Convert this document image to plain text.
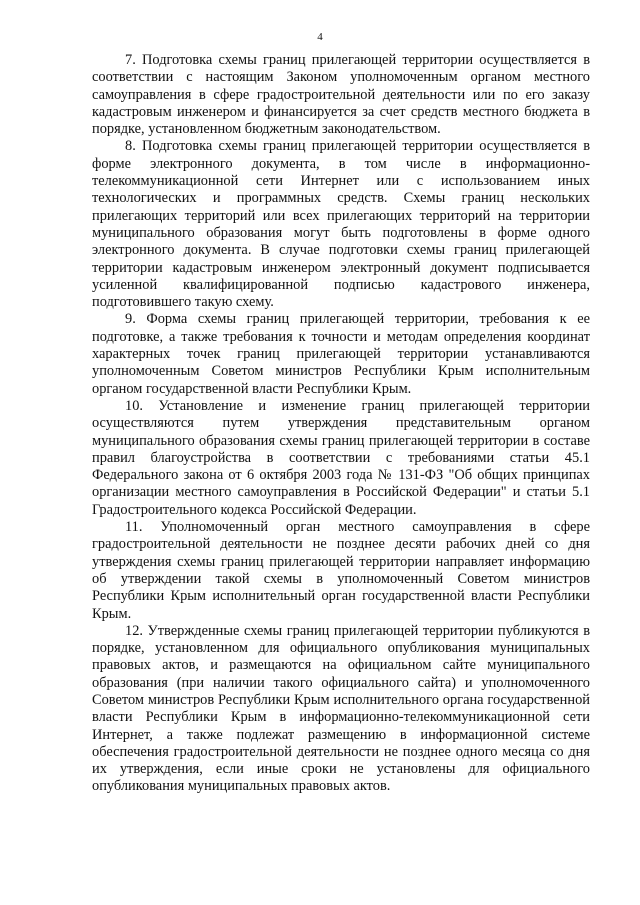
4

7. Подготовка схемы границ прилегающей территории осуществляется в соответствии с настоящим Законом уполномоченным органом местного самоуправления в сфере градостроительной деятельности или по его заказу кадастровым инженером и финансируется за счет средств местного бюджета в порядке, установленном бюджетным законодательством.

8. Подготовка схемы границ прилегающей территории осуществляется в форме электронного документа, в том числе в информационно-телекоммуникационной сети Интернет или с использованием иных технологических и программных средств. Схемы границ нескольких прилегающих территорий или всех прилегающих территорий на территории муниципального образования могут быть подготовлены в форме одного электронного документа. В случае подготовки схемы границ прилегающей территории кадастровым инженером электронный документ подписывается усиленной квалифицированной подписью кадастрового инженера, подготовившего такую схему.

9. Форма схемы границ прилегающей территории, требования к ее подготовке, а также требования к точности и методам определения координат характерных точек границ прилегающей территории устанавливаются уполномоченным Советом министров Республики Крым исполнительным органом государственной власти Республики Крым.

10. Установление и изменение границ прилегающей территории осуществляются путем утверждения представительным органом муниципального образования схемы границ прилегающей территории в составе правил благоустройства в соответствии с требованиями статьи 45.1 Федерального закона от 6 октября 2003 года № 131-ФЗ "Об общих принципах организации местного самоуправления в Российской Федерации" и статьи 5.1 Градостроительного кодекса Российской Федерации.

11. Уполномоченный орган местного самоуправления в сфере градостроительной деятельности не позднее десяти рабочих дней со дня утверждения схемы границ прилегающей территории направляет информацию об утверждении такой схемы в уполномоченный Советом министров Республики Крым исполнительный орган государственной власти Республики Крым.

12. Утвержденные схемы границ прилегающей территории публикуются в порядке, установленном для официального опубликования муниципальных правовых актов, и размещаются на официальном сайте муниципального образования (при наличии такого официального сайта) и уполномоченного Советом министров Республики Крым исполнительного органа государственной власти Республики Крым в информационно-телекоммуникационной сети Интернет, а также подлежат размещению в информационной системе обеспечения градостроительной деятельности не позднее одного месяца со дня их утверждения, если иные сроки не установлены для официального опубликования муниципальных правовых актов.
